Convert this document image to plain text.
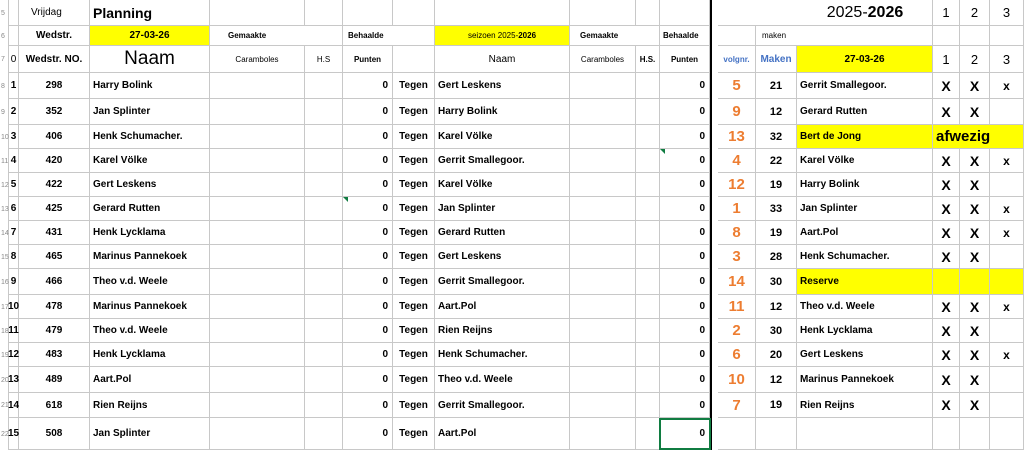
5
6
7
8
9
10
11
12
13
14
15
16
17
18
19
20
21
22
Vrijdag	Planning	2025- 2026	1	2	3
Wedstr.	27-03-26	Gemaakte	Behaalde	seizoen 2025- 2026	Gemaakte	Behaalde	maken
0 Wedstr. NO.	Naam	Caramboles	H.S	Punten	Naam	Caramboles	H.S.	Punten	volgnr.	Maken	27-03-26	1	2	3
1	298	Harry Bolink	0	Tegen	Gert Leskens	0
2	352	Jan Splinter	0	Tegen	Harry Bolink	0
3	406	Henk Schumacher.	0	Tegen	Karel Völke	0
4	420	Karel Völke	0	Tegen	Gerrit Smallegoor.	0
5	422	Gert Leskens	0	Tegen	Karel Völke	0
6	425	Gerard Rutten	0	Tegen	Jan Splinter	0
7	431	Henk Lycklama	0	Tegen	Gerard Rutten	0
8	465	Marinus Pannekoek	0	Tegen	Gert Leskens	0
9	466	Theo v.d. Weele	0	Tegen	Gerrit Smallegoor.	0
10	478	Marinus Pannekoek	0	Tegen	Aart.Pol	0
11	479	Theo v.d. Weele	0	Tegen	Rien Reijns	0
12	483	Henk Lycklama	0	Tegen	Henk Schumacher.	0
13	489	Aart.Pol	0	Tegen	Theo v.d. Weele	0
14	618	Rien Reijns	0	Tegen	Gerrit Smallegoor.	0
15	508	Jan Splinter	0	Tegen	Aart.Pol	0
5	21	Gerrit Smallegoor.	X	X	x
9	12	Gerard Rutten	X	X
13	32	Bert de Jong	afwezig
4	22	Karel Völke	X	X	x
12	19	Harry Bolink	X	X
1	33	Jan Splinter	X	X	x
8	19	Aart.Pol	X	X	x
3	28	Henk Schumacher.	X	X
14	30	Reserve
11	12	Theo v.d. Weele	X	X	x
2	30	Henk Lycklama	X	X
6	20	Gert Leskens	X	X	x
10	12	Marinus Pannekoek	X	X
7	19	Rien Reijns	X	X
